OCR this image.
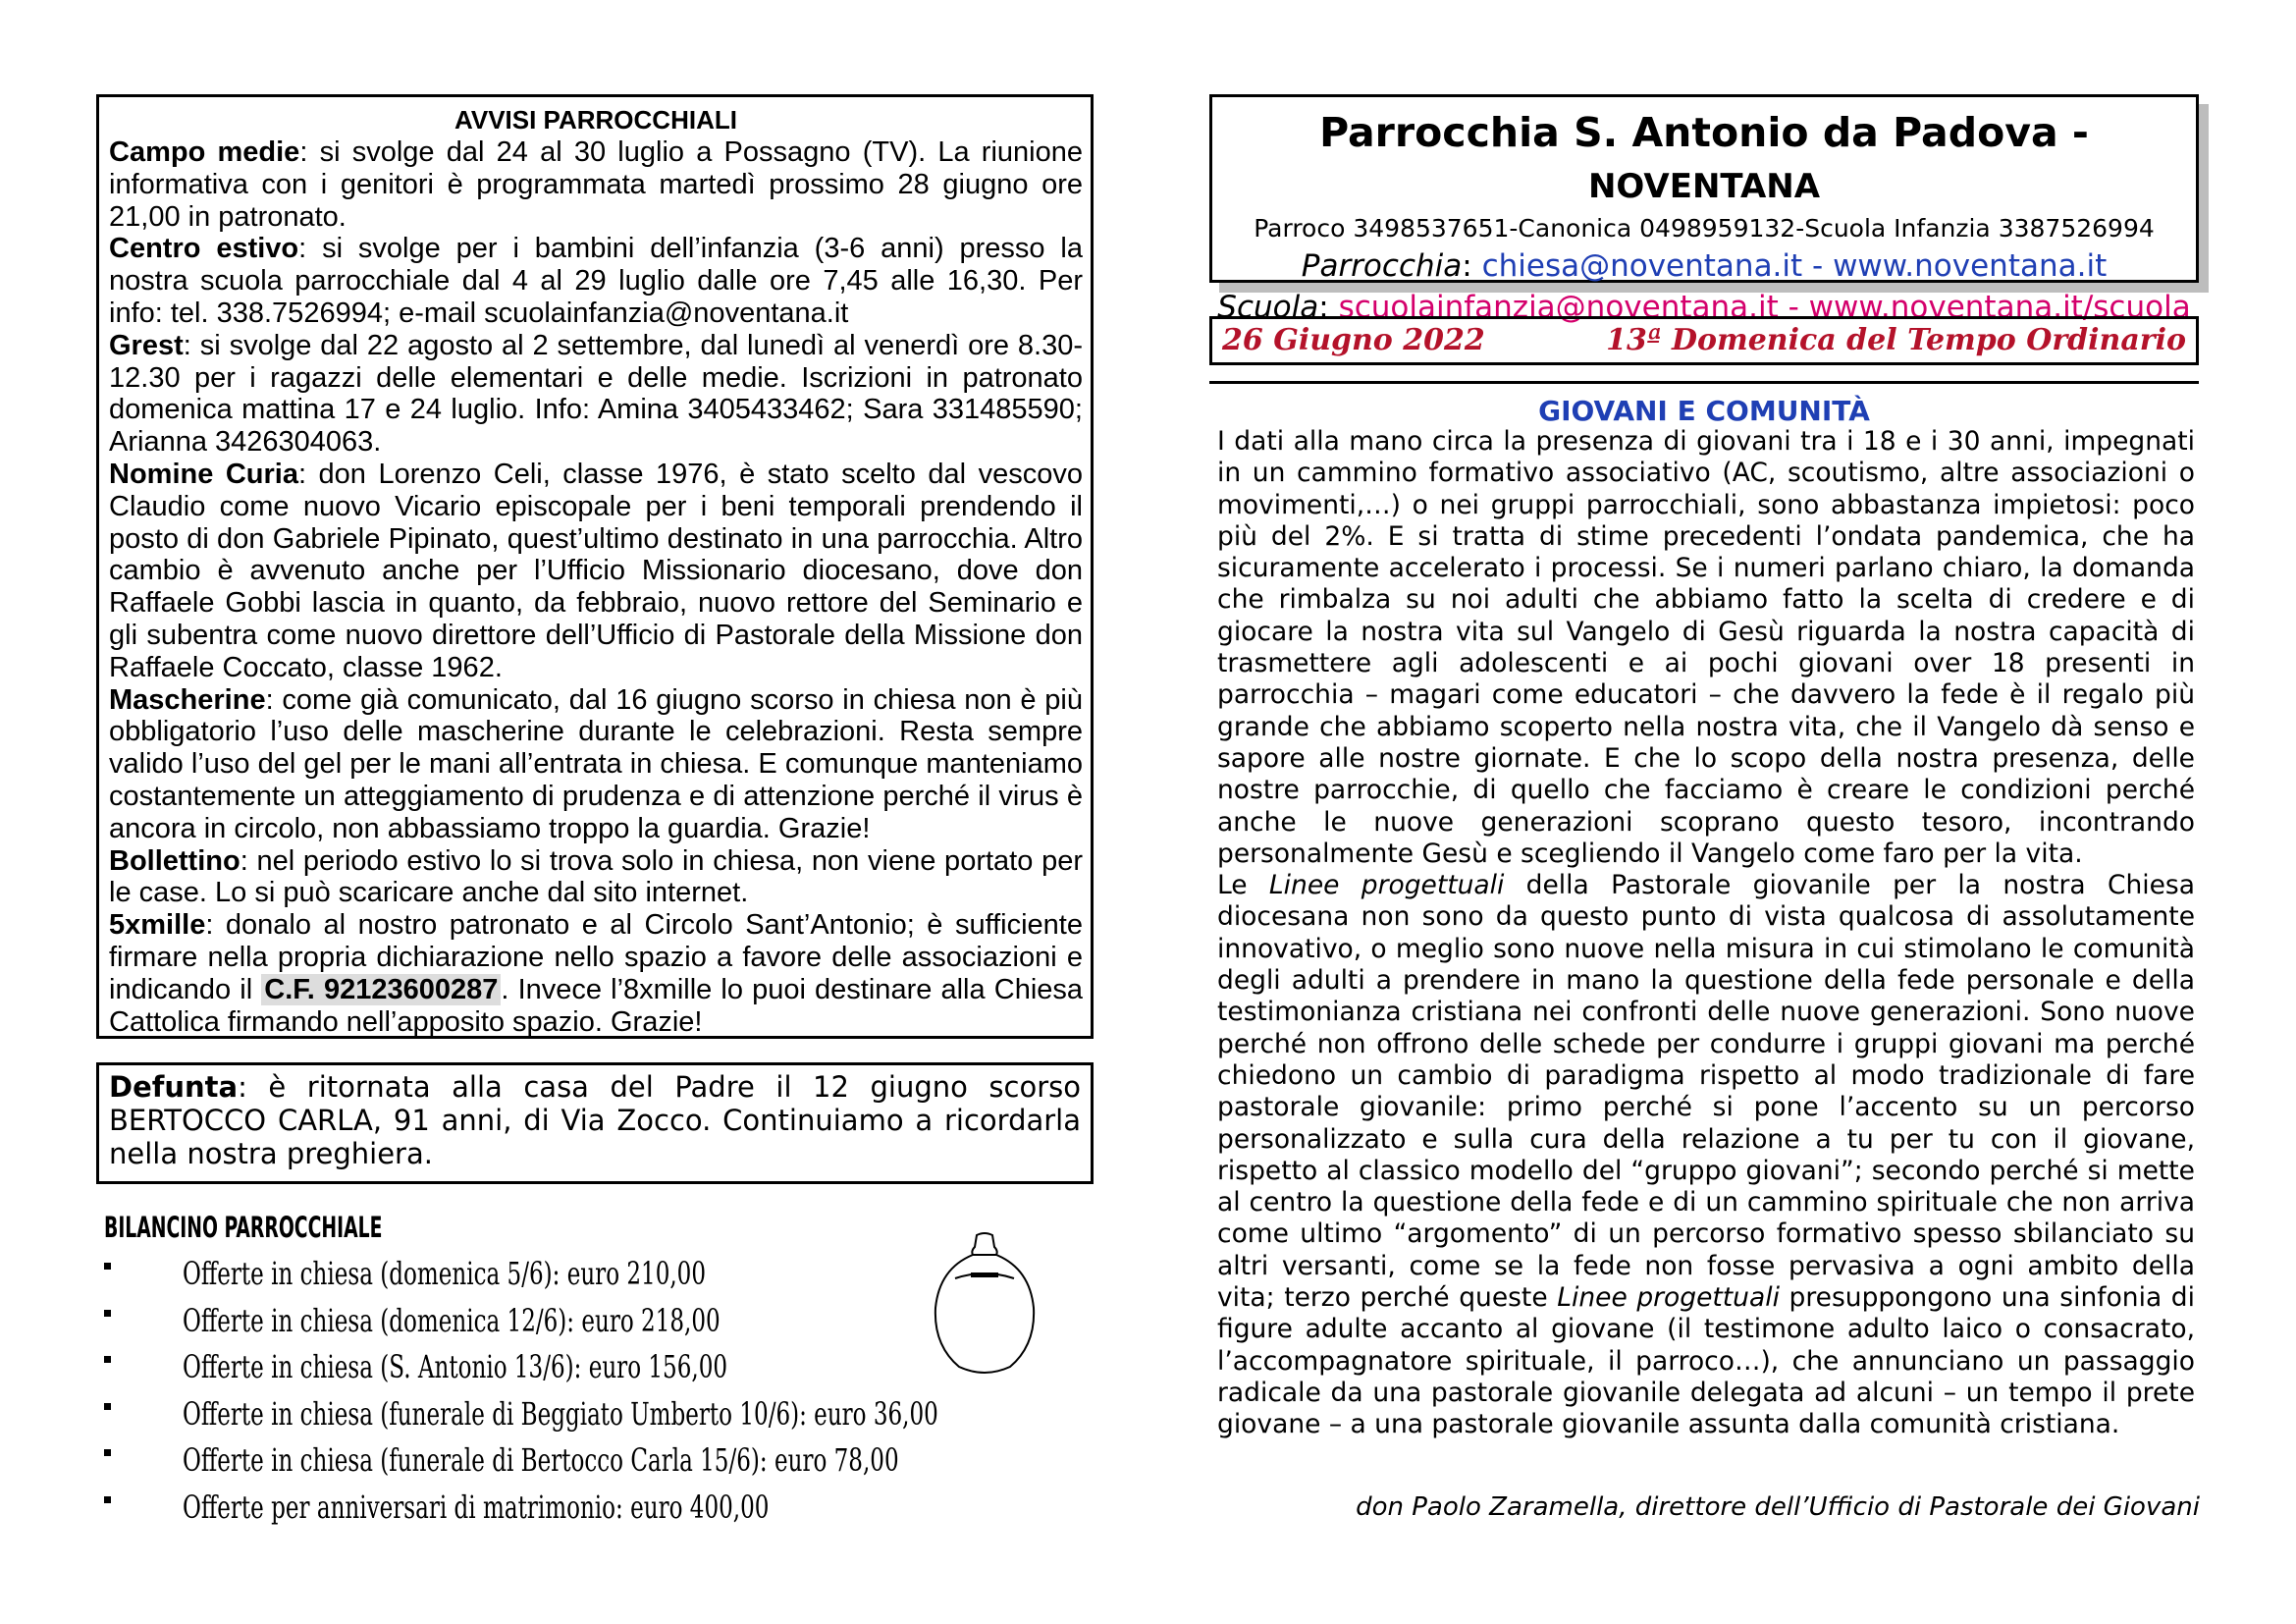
AVVISI PARROCCHIALI

Campo medie: si svolge dal 24 al 30 luglio a Possagno (TV). La riunione informativa con i genitori è programmata martedì prossimo 28 giugno ore 21,00 in patronato.

Centro estivo: si svolge per i bambini dell’infanzia (3-6 anni) presso la nostra scuola parrocchiale dal 4 al 29 luglio dalle ore 7,45 alle 16,30. Per info: tel. 338.7526994; e-mail scuolainfanzia@noventana.it

Grest: si svolge dal 22 agosto al 2 settembre, dal lunedì al venerdì ore 8.30-12.30 per i ragazzi delle elementari e delle medie. Iscrizioni in patronato domenica mattina 17 e 24 luglio. Info: Amina 3405433462; Sara 331485590; Arianna 3426304063.

Nomine Curia: don Lorenzo Celi, classe 1976, è stato scelto dal vescovo Claudio come nuovo Vicario episcopale per i beni temporali prendendo il posto di don Gabriele Pipinato, quest’ultimo destinato in una parrocchia. Altro cambio è avvenuto anche per l’Ufficio Missionario diocesano, dove don Raffaele Gobbi lascia in quanto, da febbraio, nuovo rettore del Seminario e gli subentra come nuovo direttore dell’Ufficio di Pastorale della Missione don Raffaele Coccato, classe 1962.

Mascherine: come già comunicato, dal 16 giugno scorso in chiesa non è più obbligatorio l’uso delle mascherine durante le celebrazioni. Resta sempre valido l’uso del gel per le mani all’entrata in chiesa. E comunque manteniamo costantemente un atteggiamento di prudenza e di attenzione perché il virus è ancora in circolo, non abbassiamo troppo la guardia. Grazie!

Bollettino: nel periodo estivo lo si trova solo in chiesa, non viene portato per le case. Lo si può scaricare anche dal sito internet.

5xmille: donalo al nostro patronato e al Circolo Sant’Antonio; è sufficiente firmare nella propria dichiarazione nello spazio a favore delle associazioni e indicando il C.F. 92123600287 . Invece l’8xmille lo puoi destinare alla Chiesa Cattolica firmando nell’apposito spazio. Grazie!

Defunta: è ritornata alla casa del Padre il 12 giugno scorso BERTOCCO CARLA, 91 anni, di Via Zocco. Continuiamo a ricordarla nella nostra preghiera.
BILANCINO PARROCCHIALE
Offerte in chiesa (domenica 5/6): euro 210,00
Offerte in chiesa (domenica 12/6): euro 218,00
Offerte in chiesa (S. Antonio 13/6): euro 156,00
Offerte in chiesa (funerale di Beggiato Umberto 10/6): euro 36,00
Offerte in chiesa (funerale di Bertocco Carla 15/6): euro 78,00
Offerte per anniversari di matrimonio: euro 400,00
Parrocchia S. Antonio da Padova - NOVENTANA
Parroco 3498537651-Canonica 0498959132-Scuola Infanzia 3387526994
Parrocchia: chiesa@noventana.it - www.noventana.it
Scuola: scuolainfanzia@noventana.it - www.noventana.it/scuola
26 Giugno 2022	13ª Domenica del Tempo Ordinario
GIOVANI E COMUNITÀ

I dati alla mano circa la presenza di giovani tra i 18 e i 30 anni, impegnati in un cammino formativo associativo (AC, scoutismo, altre associazioni o movimenti,…) o nei gruppi parrocchiali, sono abbastanza impietosi: poco più del 2%. E si tratta di stime precedenti l’ondata pandemica, che ha sicuramente accelerato i processi. Se i numeri parlano chiaro, la domanda che rimbalza su noi adulti che abbiamo fatto la scelta di credere e di giocare la nostra vita sul Vangelo di Gesù riguarda la nostra capacità di trasmettere agli adolescenti e ai pochi giovani over 18 presenti in parrocchia – magari come educatori – che davvero la fede è il regalo più grande che abbiamo scoperto nella nostra vita, che il Vangelo dà senso e sapore alle nostre giornate. E che lo scopo della nostra presenza, delle nostre parrocchie, di quello che facciamo è creare le condizioni perché anche le nuove generazioni scoprano questo tesoro, incontrando personalmente Gesù e scegliendo il Vangelo come faro per la vita.

Le Linee progettuali della Pastorale giovanile per la nostra Chiesa diocesana non sono da questo punto di vista qualcosa di assolutamente innovativo, o meglio sono nuove nella misura in cui stimolano le comunità degli adulti a prendere in mano la questione della fede personale e della testimonianza cristiana nei confronti delle nuove generazioni. Sono nuove perché non offrono delle schede per condurre i gruppi giovani ma perché chiedono un cambio di paradigma rispetto al modo tradizionale di fare pastorale giovanile: primo perché si pone l’accento su un percorso personalizzato e sulla cura della relazione a tu per tu con il giovane, rispetto al classico modello del “gruppo giovani”; secondo perché si mette al centro la questione della fede e di un cammino spirituale che non arriva come ultimo “argomento” di un percorso formativo spesso sbilanciato su altri versanti, come se la fede non fosse pervasiva a ogni ambito della vita; terzo perché queste Linee progettuali presuppongono una sinfonia di figure adulte accanto al giovane (il testimone adulto laico o consacrato, l’accompagnatore spirituale, il parroco…), che annunciano un passaggio radicale da una pastorale giovanile delegata ad alcuni – un tempo il prete giovane – a una pastorale giovanile assunta dalla comunità cristiana.

don Paolo Zaramella, direttore dell’Ufficio di Pastorale dei Giovani
